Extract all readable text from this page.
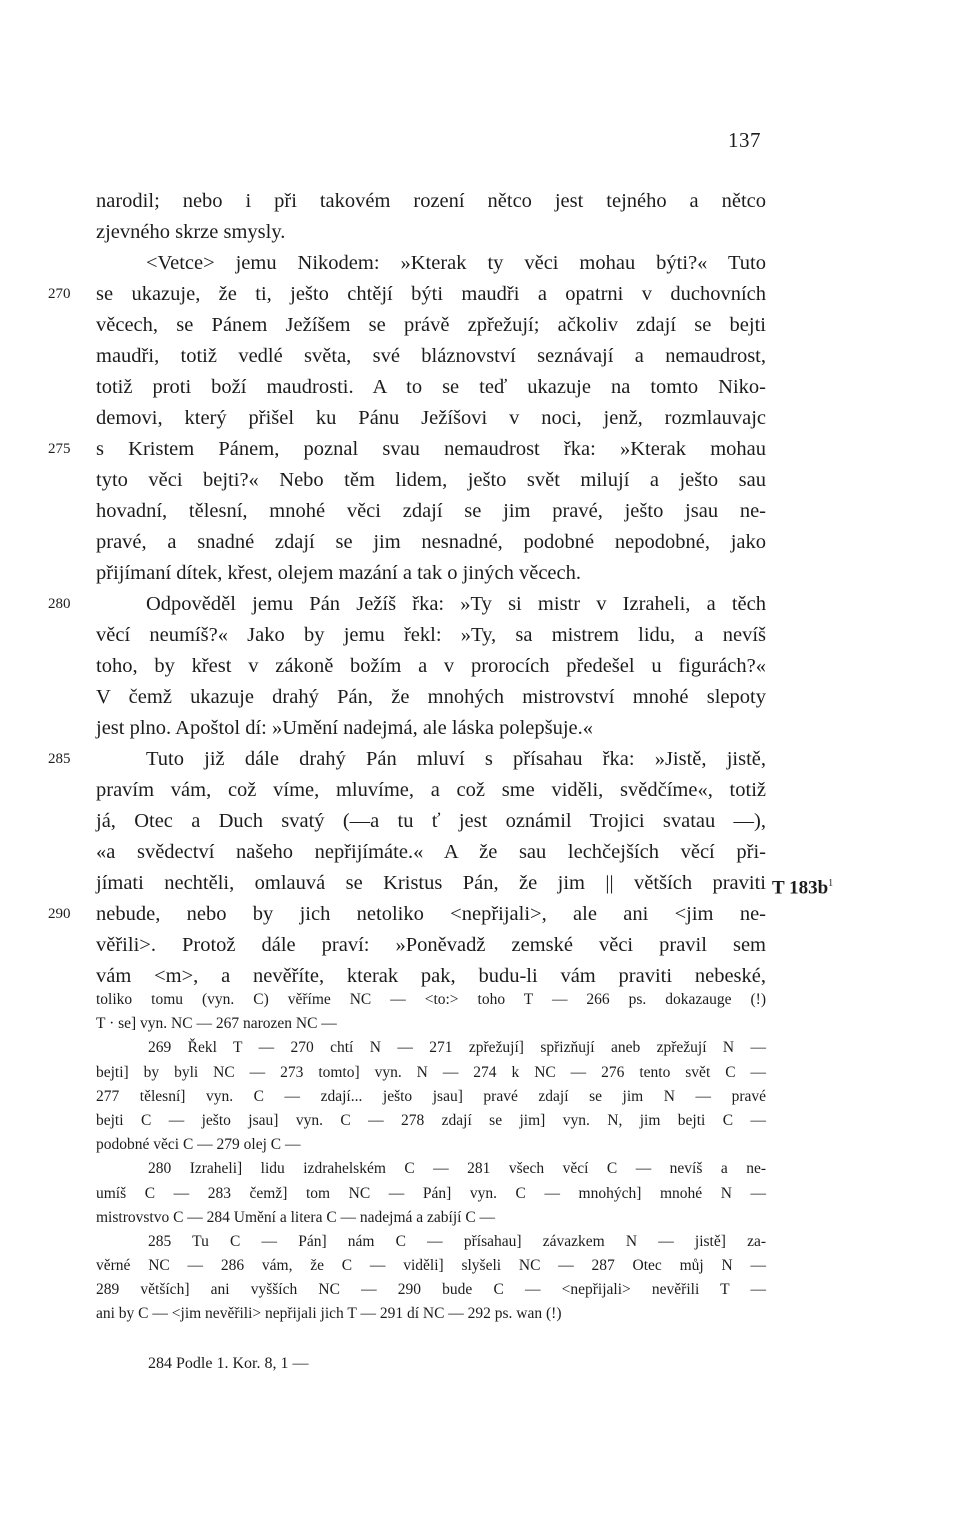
137
narodil; nebo i při takovém rození nětco jest tejného a nětco
zjevného skrze smysly.
<Vetce> jemu Nikodem: »Kterak ty věci mohau býti?« Tuto
270 se ukazuje, že ti, ješto chtějí býti maudři a opatrni v duchovních
věcech, se Pánem Ježíšem se právě zpřežují; ačkoliv zdají se bejti
maudři, totiž vedlé světa, své bláznovství seznávají a nemaudrost,
totiž proti boží maudrosti. A to se teď ukazuje na tomto Niko-
demovi, který přišel ku Pánu Ježíšovi v noci, jenž, rozmlauvajc
275 s Kristem Pánem, poznal svau nemaudrost řka: »Kterak mohau
tyto věci bejti?« Nebo těm lidem, ješto svět milují a ješto sau
hovadní, tělesní, mnohé věci zdají se jim pravé, ješto jsau ne-
pravé, a snadné zdají se jim nesnadné, podobné nepodobné, jako
přijímaní dítek, křest, olejem mazání a tak o jiných věcech.
280	Odpověděl jemu Pán Ježíš řka: »Ty si mistr v Izraheli, a těch
věcí neumíš?« Jako by jemu řekl: »Ty, sa mistrem lidu, a nevíš
toho, by křest v zákoně božím a v prorocích předešel u figurách?«
V čemž ukazuje drahý Pán, že mnohých mistrovství mnohé slepoty
jest plno. Apoštol dí: »Umění nadejmá, ale láska polepšuje.«
285	Tuto již dále drahý Pán mluví s přísahau řka: »Jistě, jistě,
pravím vám, což víme, mluvíme, a což sme viděli, svědčíme«, totiž
já, Otec a Duch svatý (—a tu ť jest oznámil Trojici svatau —),
«a svědectví našeho nepřijímáte.« A že sau lechčejších věcí při-
jímati nechtěli, omlauvá se Kristus Pán, že jim || větších praviti T $183b^1$
290 nebude, nebo by jich netoliko <nepřijali>, ale ani <jim ne-
věřili>. Protož dále praví: »Poněvadž zemské věci pravil sem
vám <m>, a nevěříte, kterak pak, budu-li vám praviti nebeské,
toliko tomu (vyn. C) věříme NC — <to:> toho T — 266 ps. dokazauge (!)
T · se] vyn. NC — 267 narozen NC —
269 Řekl T — 270 chtí N — 271 zpřežují] spřizňují aneb zpřežují N —
bejti] by byli NC — 273 tomto] vyn. N — 274 k NC — 276 tento svět C —
277 tělesní] vyn. C — zdají... ješto jsau] pravé zdají se jim N — pravé
bejti C — ješto jsau] vyn. C — 278 zdají se jim] vyn. N, jim bejti C —
podobné věci C — 279 olej C —
280 Izraheli] lidu izdrahelském C — 281 všech věcí C — nevíš a ne-
umíš C — 283 čemž] tom NC — Pán] vyn. C — mnohých] mnohé N —
mistrovstvo C — 284 Umění a litera C — nadejmá a zabíjí C —
285 Tu C — Pán] nám C — přísahau] závazkem N — jistě] za-
věrné NC — 286 vám, že C — viděli] slyšeli NC — 287 Otec můj N —
289 větších] ani vyšších NC — 290 bude C — <nepřijali> nevěřili T —
ani by C — <jim nevěřili> nepřijali jich T — 291 dí NC — 292 ps. wan (!)
284 Podle 1. Kor. 8, 1 —
